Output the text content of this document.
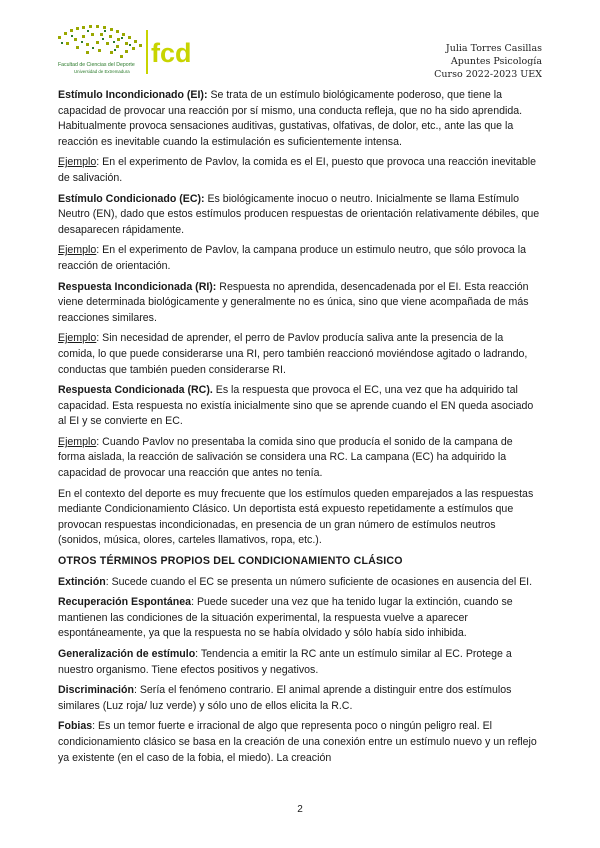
fcd
Facultad de Ciencias del Deporte
Universidad de Extremadura
Julia Torres Casillas
Apuntes Psicología
Curso 2022-2023 UEX

Estímulo Incondicionado (EI): Se trata de un estímulo biológicamente poderoso, que tiene la capacidad de provocar una reacción por sí mismo, una conducta refleja, que no ha sido aprendida. Habitualmente provoca sensaciones auditivas, gustativas, olfativas, de dolor, etc., ante las que la reacción es inevitable cuando la estimulación es suficientemente intensa.

Ejemplo: En el experimento de Pavlov, la comida es el EI, puesto que provoca una reacción inevitable de salivación.

Estímulo Condicionado (EC): Es biológicamente inocuo o neutro. Inicialmente se llama Estímulo Neutro (EN), dado que estos estímulos producen respuestas de orientación relativamente débiles, que desaparecen rápidamente.

Ejemplo: En el experimento de Pavlov, la campana produce un estimulo neutro, que sólo provoca la reacción de orientación.

Respuesta Incondicionada (RI): Respuesta no aprendida, desencadenada por el EI. Esta reacción viene determinada biológicamente y generalmente no es única, sino que viene acompañada de más reacciones similares.

Ejemplo: Sin necesidad de aprender, el perro de Pavlov producía saliva ante la presencia de la comida, lo que puede considerarse una RI, pero también reaccionó moviéndose agitado o ladrando, conductas que también pueden considerarse RI.

Respuesta Condicionada (RC). Es la respuesta que provoca el EC, una vez que ha adquirido tal capacidad. Esta respuesta no existía inicialmente sino que se aprende cuando el EN queda asociado al EI y se convierte en EC.

Ejemplo: Cuando Pavlov no presentaba la comida sino que producía el sonido de la campana de forma aislada, la reacción de salivación se considera una RC. La campana (EC) ha adquirido la capacidad de provocar una reacción que antes no tenía.

En el contexto del deporte es muy frecuente que los estímulos queden emparejados a las respuestas mediante Condicionamiento Clásico. Un deportista está expuesto repetidamente a estímulos que provocan respuestas incondicionadas, en presencia de un gran número de estímulos neutros (sonidos, música, olores, carteles llamativos, ropa, etc.).

OTROS TÉRMINOS PROPIOS DEL CONDICIONAMIENTO CLÁSICO

Extinción: Sucede cuando el EC se presenta un número suficiente de ocasiones en ausencia del EI.

Recuperación Espontánea: Puede suceder una vez que ha tenido lugar la extinción, cuando se mantienen las condiciones de la situación experimental, la respuesta vuelve a aparecer espontáneamente, ya que la respuesta no se había olvidado y sólo había sido inhibida.

Generalización de estímulo: Tendencia a emitir la RC ante un estímulo similar al EC. Protege a nuestro organismo. Tiene efectos positivos y negativos.

Discriminación: Sería el fenómeno contrario. El animal aprende a distinguir entre dos estímulos similares (Luz roja/ luz verde) y sólo uno de ellos elicita la R.C.

Fobias: Es un temor fuerte e irracional de algo que representa poco o ningún peligro real. El condicionamiento clásico se basa en la creación de una conexión entre un estímulo nuevo y un reflejo ya existente (en el caso de la fobia, el miedo). La creación

2
